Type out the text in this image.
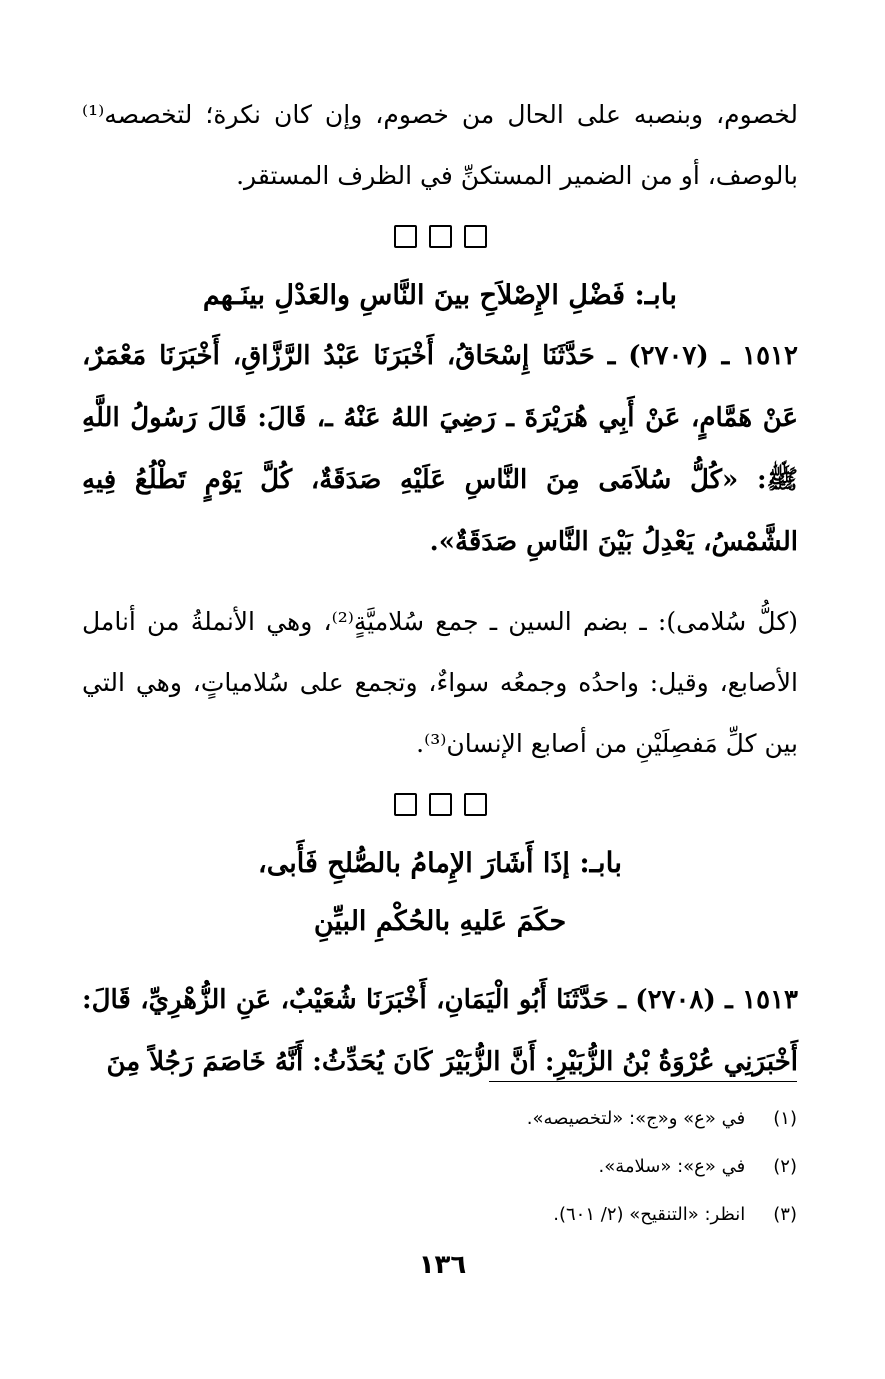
لخصوم، وبنصبه على الحال من خصوم، وإن كان نكرة؛ لتخصصه⁽¹⁾ بالوصف، أو من الضمير المستكنِّ في الظرف المستقر.

بابـ: فَضْلِ الإِصْلاَحِ بينَ النَّاسِ والعَدْلِ بينَـهم

١٥١٢ ـ (٢٧٠٧) ـ حَدَّثَنَا إِسْحَاقُ، أَخْبَرَنَا عَبْدُ الرَّزَّاقِ، أَخْبَرَنَا مَعْمَرٌ، عَنْ هَمَّامٍ، عَنْ أَبِي هُرَيْرَةَ ـ رَضِيَ اللهُ عَنْهُ ـ، قَالَ: قَالَ رَسُولُ اللَّهِ ﷺ: «كُلُّ سُلاَمَى مِنَ النَّاسِ عَلَيْهِ صَدَقَةٌ، كُلَّ يَوْمٍ تَطْلُعُ فِيهِ الشَّمْسُ، يَعْدِلُ بَيْنَ النَّاسِ صَدَقَةٌ».

(كلُّ سُلامى): ـ بضم السين ـ جمع سُلاميَّةٍ⁽²⁾، وهي الأنملةُ من أنامل الأصابع، وقيل: واحدُه وجمعُه سواءٌ، وتجمع على سُلامياتٍ، وهي التي بين كلِّ مَفصِلَيْنِ من أصابع الإنسان⁽³⁾.

بابـ: إذَا أَشَارَ الإِمامُ بالصُّلحِ فَأَبى،

حكَمَ عَليهِ بالحُكْمِ البيِّنِ

١٥١٣ ـ (٢٧٠٨) ـ حَدَّثَنَا أَبُو الْيَمَانِ، أَخْبَرَنَا شُعَيْبٌ، عَنِ الزُّهْرِيِّ، قَالَ: أَخْبَرَنِي عُرْوَةُ بْنُ الزُّبَيْرِ: أَنَّ الزُّبَيْرَ كَانَ يُحَدِّثُ: أَنَّهُ خَاصَمَ رَجُلاً مِنَ

(١) في «ع» و«ج»: «لتخصيصه».

(٢) في «ع»: «سلامة».

(٣) انظر: «التنقيح» (٢/ ٦٠١).

١٣٦
